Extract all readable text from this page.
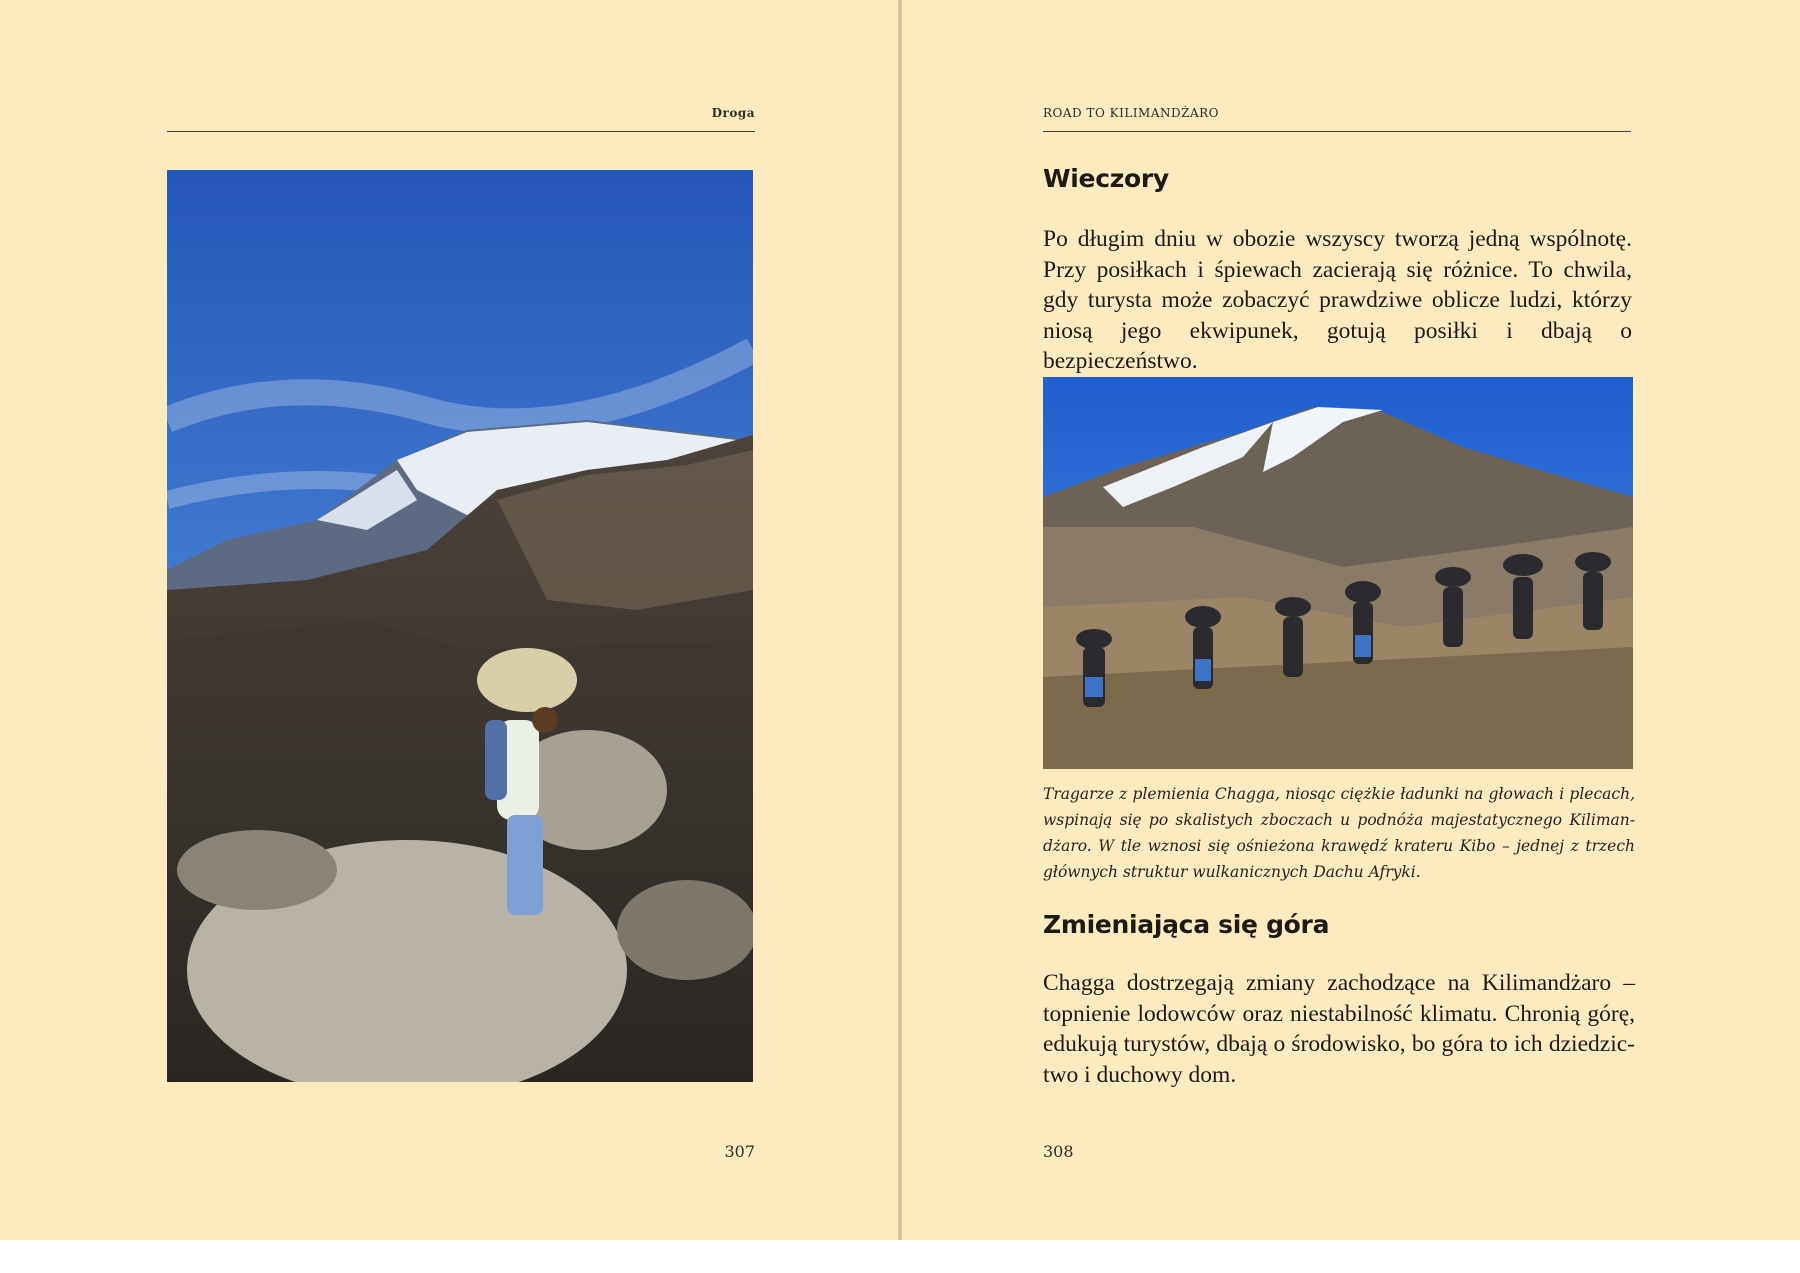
Droga
307
ROAD TO KILIMANDŻARO
Wieczory

Po długim dniu w obozie wszyscy tworzą jedną wspólnotę. Przy posiłkach i śpiewach zacierają się różnice. To chwila, gdy turysta może zobaczyć prawdziwe oblicze ludzi, którzy niosą jego ekwipunek, gotują posiłki i dbają o bezpieczeństwo.

Tragarze z plemienia Chagga, niosąc ciężkie ładunki na głowach i plecach, wspinają się po skalistych zboczach u podnóża majestatycznego Kilimandżaro. W tle wznosi się ośnieżona krawędź krateru Kibo – jednej z trzech głównych struktur wulkanicznych Dachu Afryki.

Zmieniająca się góra

Chagga dostrzegają zmiany zachodzące na Kilimandżaro – topnienie lodowców oraz niestabilność klimatu. Chronią górę, edukują turystów, dbają o środowisko, bo góra to ich dziedzictwo i duchowy dom.

308
